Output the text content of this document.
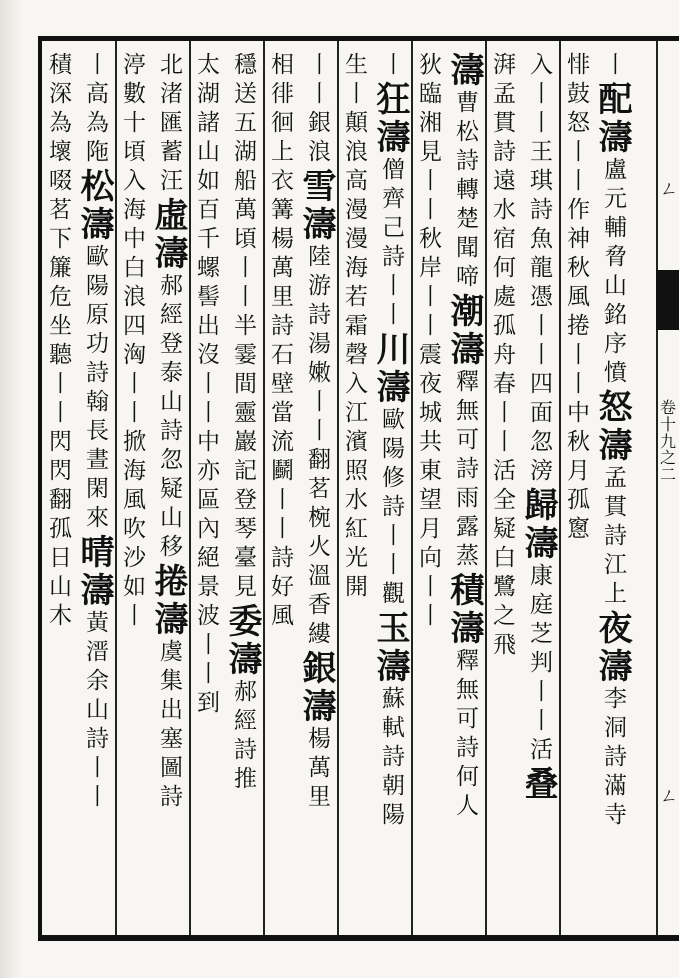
ㄥ
卷
十
九
之
二
ㄥ
丨
配
濤
盧
元
輔
脅
山
銘
序
憤
怒
濤
孟
貫
詩
江
上
夜
濤
李
洞
詩
滿
寺
悱
鼓
怒
丨
丨
作
神
秋
風
捲
丨
丨
中
秋
月
孤
窻
入
丨
丨
王
琪
詩
魚
龍
憑
丨
丨
四
面
忽
滂
歸
濤
康
庭
芝
判
丨
丨
活
叠
湃
孟
貫
詩
遠
水
宿
何
處
孤
舟
春
丨
丨
活
全
疑
白
鷺
之
飛
濤
曹
松
詩
轉
楚
聞
啼
潮
濤
釋
無
可
詩
雨
露
蒸
積
濤
釋
無
可
詩
何
人
狄
臨
湘
見
丨
丨
秋
岸
丨
丨
震
夜
城
共
東
望
月
向
丨
丨
丨
狂
濤
僧
齊
己
詩
丨
丨
川
濤
歐
陽
修
詩
丨
丨
觀
玉
濤
蘇
軾
詩
朝
陽
生
丨
顛
浪
高
漫
漫
海
若
霜
磬
入
江
濱
照
水
紅
光
開
丨
丨
銀
浪
雪
濤
陸
游
詩
湯
嫩
丨
丨
翻
茗
椀
火
溫
香
縷
銀
濤
楊
萬
里
相
徘
徊
上
衣
篝
楊
萬
里
詩
石
壁
當
流
鬬
丨
丨
詩
好
風
穩
送
五
湖
船
萬
頃
丨
丨
半
霎
間
靈
巖
記
登
琴
臺
見
委
濤
郝
經
詩
推
太
湖
諸
山
如
百
千
螺
髻
出
沒
丨
丨
中
亦
區
內
絕
景
波
丨
丨
到
北
渚
匯
蓄
汪
虛
濤
郝
經
登
泰
山
詩
忽
疑
山
移
捲
濤
虞
集
出
塞
圖
詩
渟
數
十
頃
入
海
中
白
浪
四
洶
丨
丨
掀
海
風
吹
沙
如
丨
丨
高
為
陁
松
濤
歐
陽
原
功
詩
翰
長
晝
閑
來
晴
濤
黃
溍
余
山
詩
丨
丨
積
深
為
壞
啜
茗
下
簾
危
坐
聽
丨
丨
閃
閃
翻
孤
日
山
木
